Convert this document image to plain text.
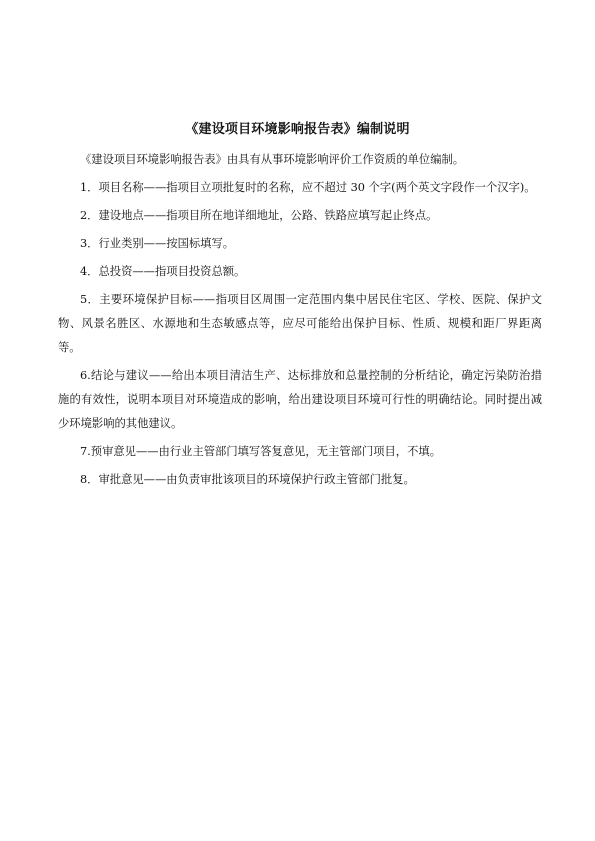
《建设项目环境影响报告表》编制说明

《建设项目环境影响报告表》由具有从事环境影响评价工作资质的单位编制。

1．项目名称——指项目立项批复时的名称，应不超过 30 个字(两个英文字段作一个汉字)。

2．建设地点——指项目所在地详细地址，公路、铁路应填写起止终点。

3．行业类别——按国标填写。

4．总投资——指项目投资总额。

5．主要环境保护目标——指项目区周围一定范围内集中居民住宅区、学校、医院、保护文物、风景名胜区、水源地和生态敏感点等，应尽可能给出保护目标、性质、规模和距厂界距离等。

6.结论与建议——给出本项目清洁生产、达标排放和总量控制的分析结论，确定污染防治措施的有效性，说明本项目对环境造成的影响，给出建设项目环境可行性的明确结论。同时提出减少环境影响的其他建议。

7.预审意见——由行业主管部门填写答复意见，无主管部门项目，不填。

8．审批意见——由负责审批该项目的环境保护行政主管部门批复。
